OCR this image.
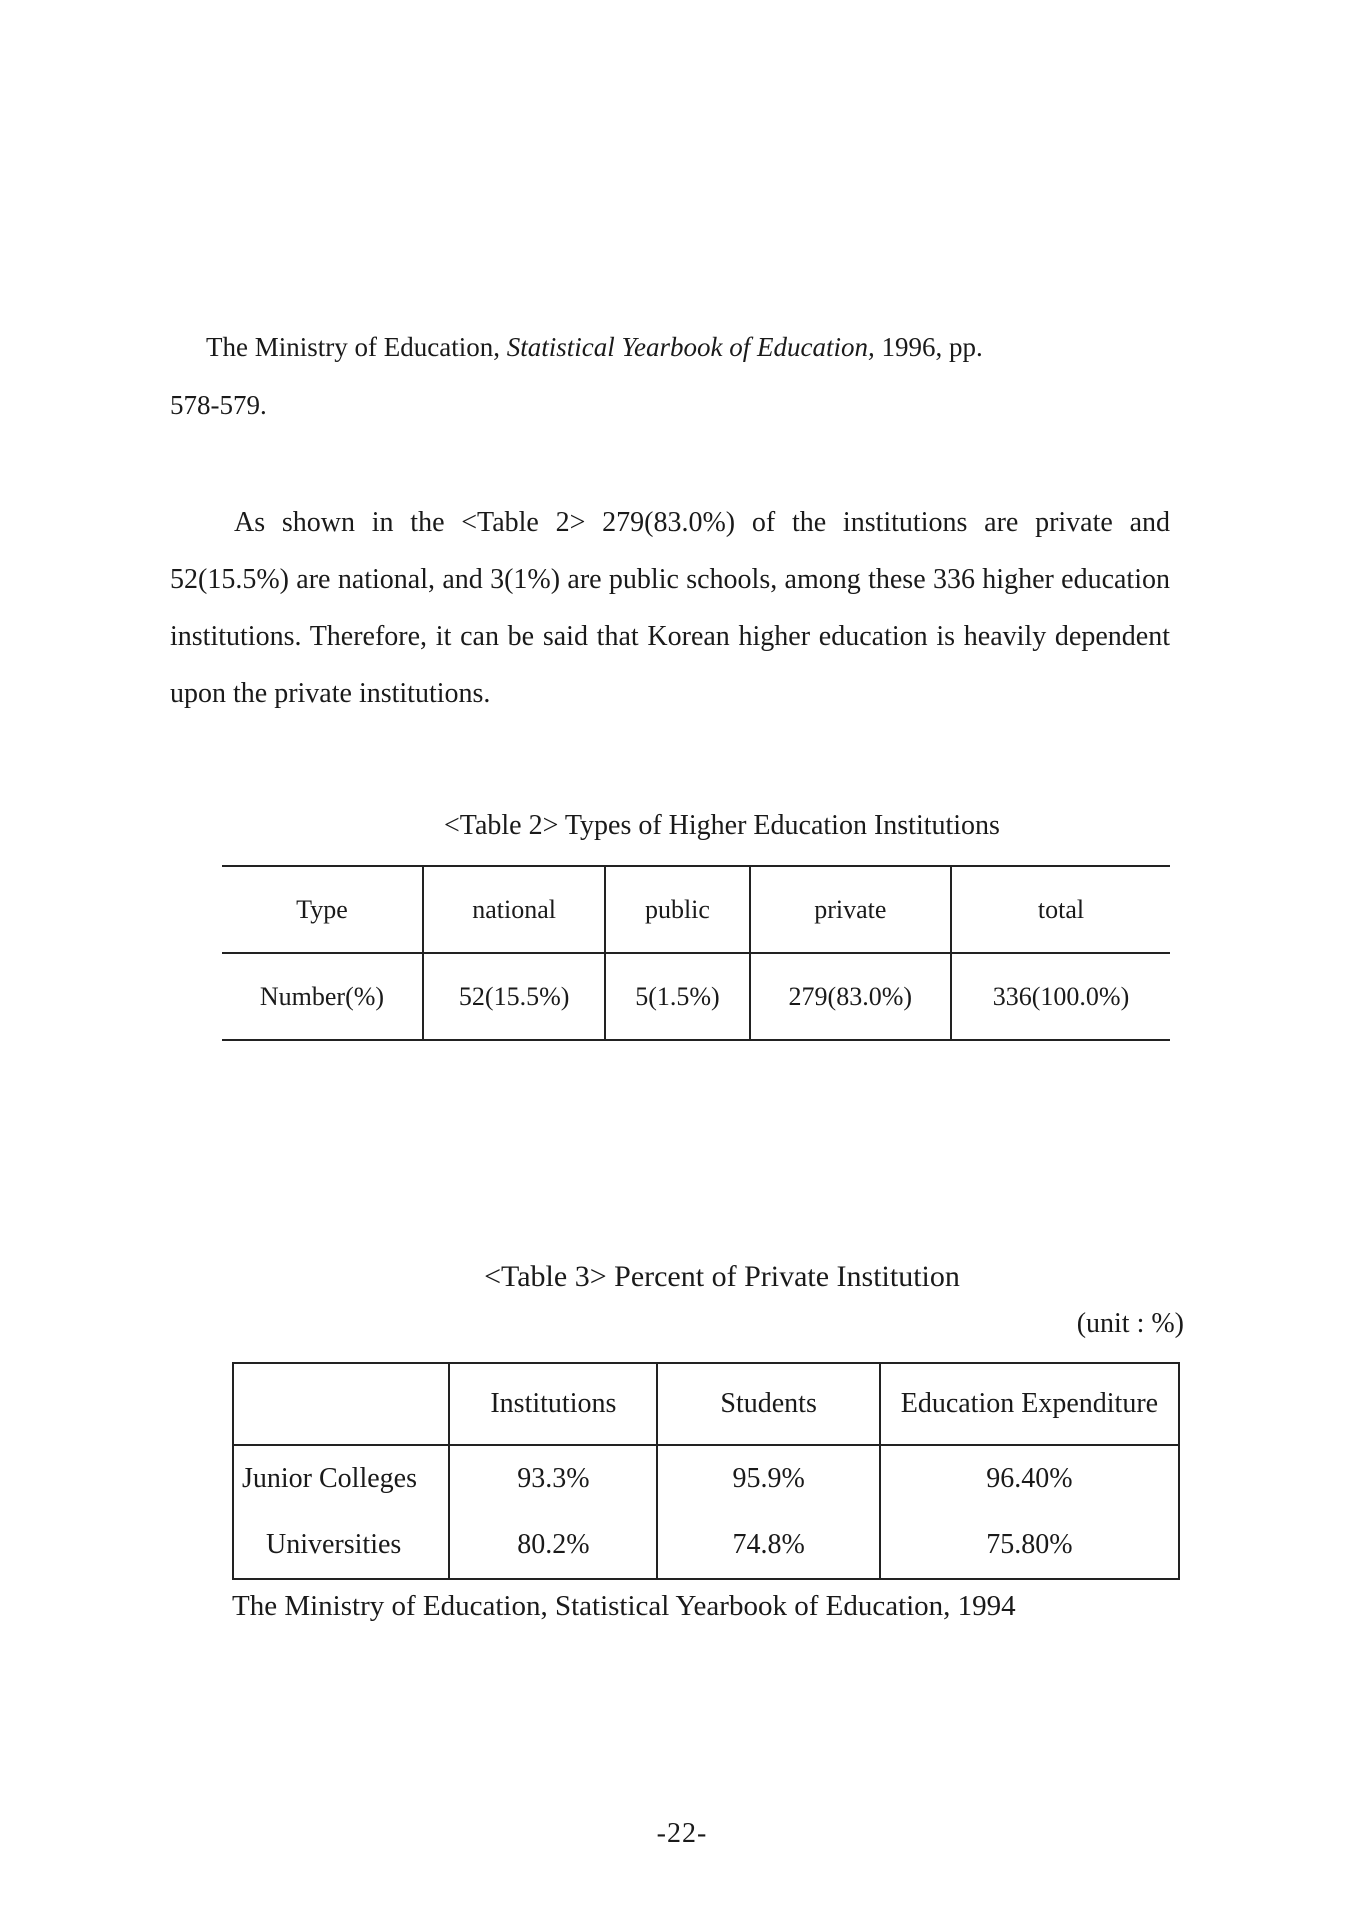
The Ministry of Education, Statistical Yearbook of Education, 1996, pp.
578-579.

As shown in the <Table 2> 279(83.0%) of the institutions are private and 52(15.5%) are national, and 3(1%) are public schools, among these 336 higher education institutions. Therefore, it can be said that Korean higher education is heavily dependent upon the private institutions.

<Table 2> Types of Higher Education Institutions
Type	national	public	private	total
Number(%)	52(15.5%)	5(1.5%)	279(83.0%)	336(100.0%)
<Table 3> Percent of Private Institution
(unit : %)
	Institutions	Students	Education Expenditure
Junior Colleges	93.3%	95.9%	96.40%
Universities	80.2%	74.8%	75.80%
The Ministry of Education, Statistical Yearbook of Education, 1994
-22-
